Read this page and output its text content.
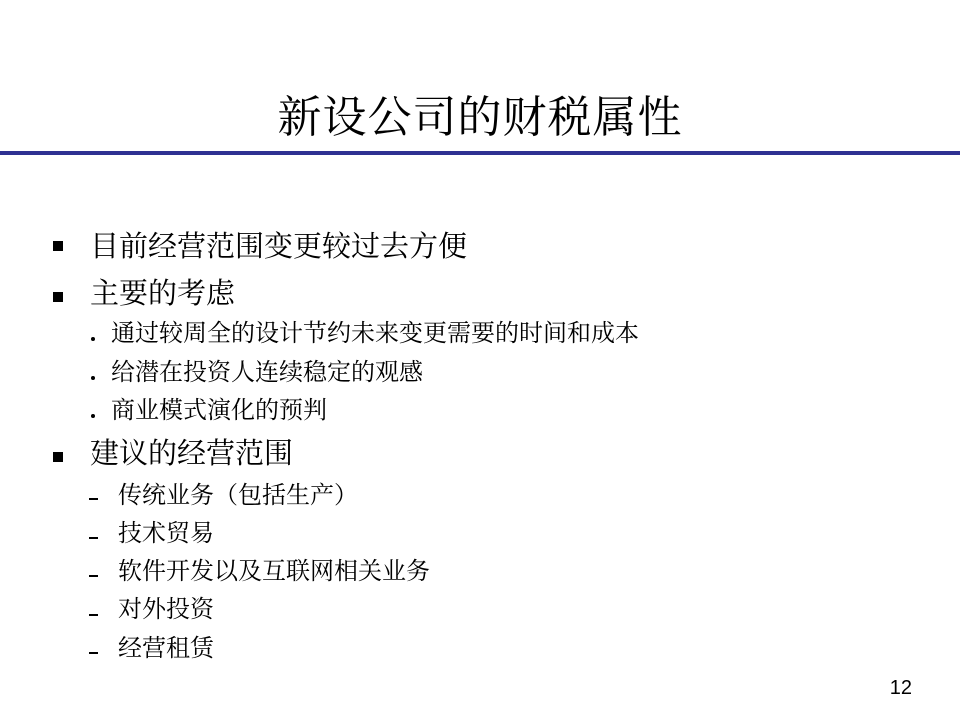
新设公司的财税属性
目前经营范围变更较过去方便
主要的考虑
通过较周全的设计节约未来变更需要的时间和成本
给潜在投资人连续稳定的观感
商业模式演化的预判
建议的经营范围
传统业务（包括生产）
技术贸易
软件开发以及互联网相关业务
对外投资
经营租赁
12
